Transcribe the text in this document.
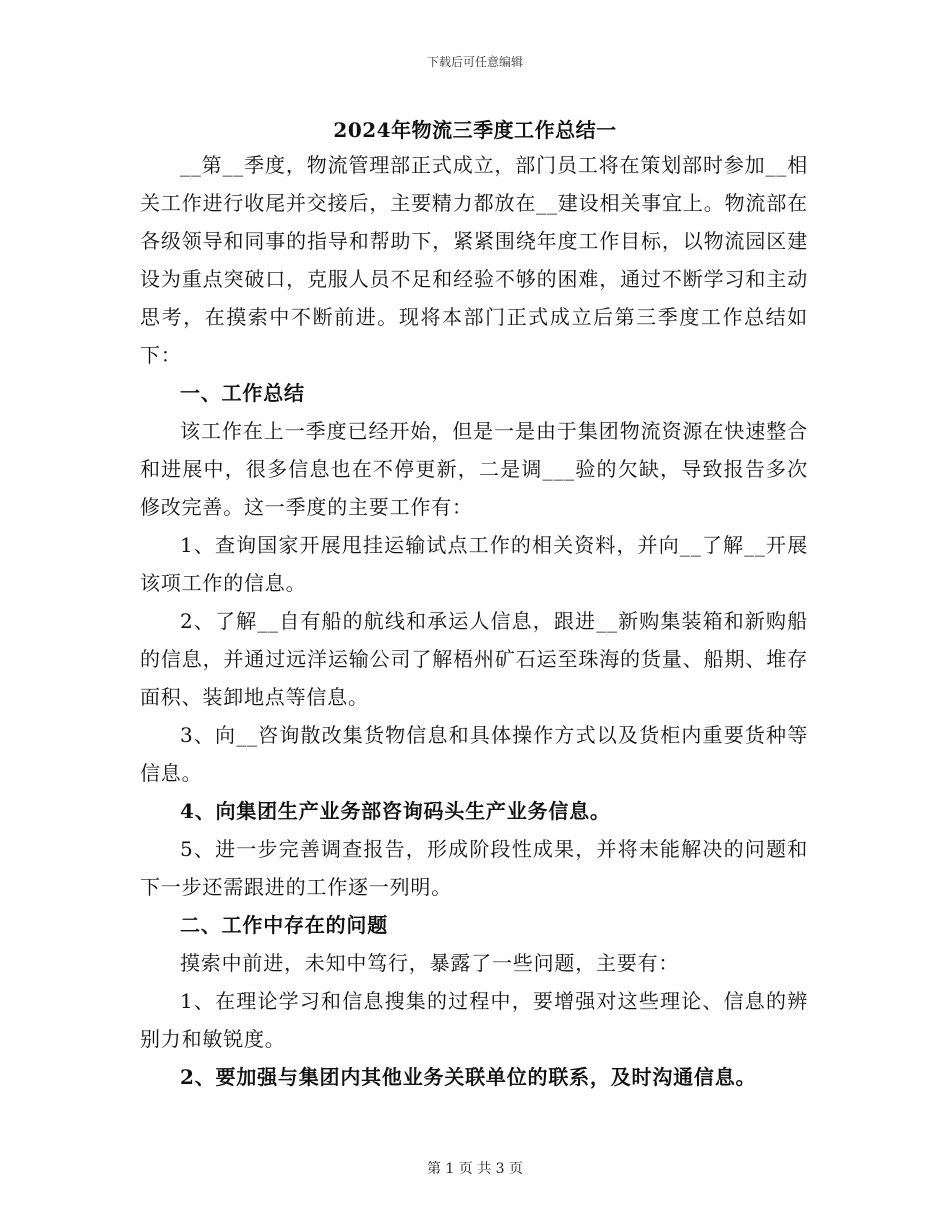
下载后可任意编辑
2024年物流三季度工作总结一

__第__季度，物流管理部正式成立，部门员工将在策划部时参加__相关工作进行收尾并交接后，主要精力都放在__建设相关事宜上。物流部在各级领导和同事的指导和帮助下，紧紧围绕年度工作目标，以物流园区建设为重点突破口，克服人员不足和经验不够的困难，通过不断学习和主动思考，在摸索中不断前进。现将本部门正式成立后第三季度工作总结如下：

一、工作总结

该工作在上一季度已经开始，但是一是由于集团物流资源在快速整合和进展中，很多信息也在不停更新，二是调___验的欠缺，导致报告多次修改完善。这一季度的主要工作有：

1、查询国家开展甩挂运输试点工作的相关资料，并向__了解__开展该项工作的信息。

2、了解__自有船的航线和承运人信息，跟进__新购集装箱和新购船的信息，并通过远洋运输公司了解梧州矿石运至珠海的货量、船期、堆存面积、装卸地点等信息。

3、向__咨询散改集货物信息和具体操作方式以及货柜内重要货种等信息。

4、向集团生产业务部咨询码头生产业务信息。

5、进一步完善调查报告，形成阶段性成果，并将未能解决的问题和下一步还需跟进的工作逐一列明。

二、工作中存在的问题

摸索中前进，未知中笃行，暴露了一些问题，主要有：

1、在理论学习和信息搜集的过程中，要增强对这些理论、信息的辨别力和敏锐度。

2、要加强与集团内其他业务关联单位的联系，及时沟通信息。

第 1 页 共 3 页
